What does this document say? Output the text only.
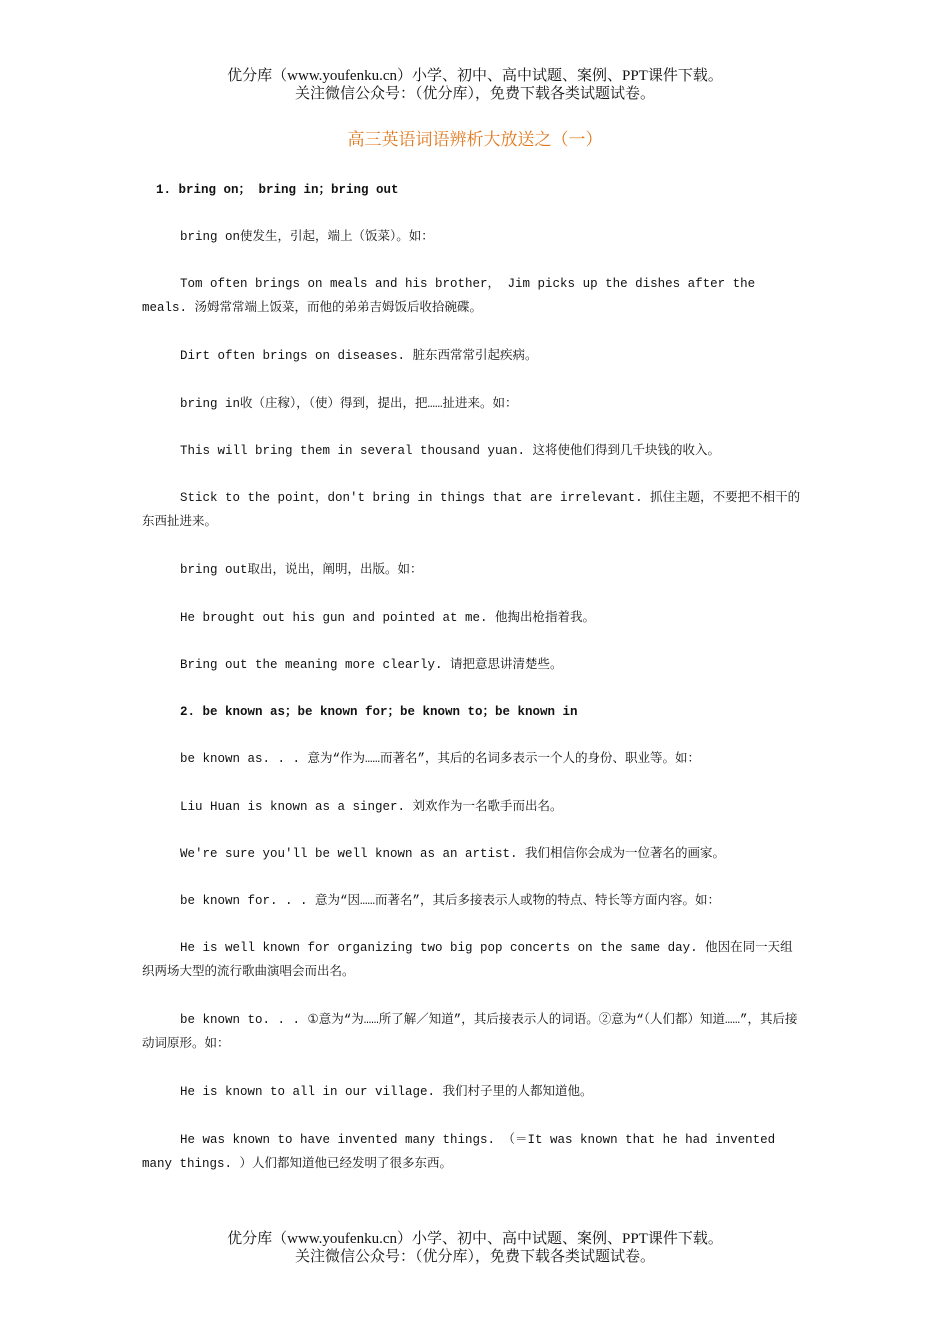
优分库（www.youfenku.cn）小学、初中、高中试题、案例、PPT课件下载。
关注微信公众号：（优分库），免费下载各类试题试卷。
高三英语词语辨析大放送之（一）
1. bring on； bring in；bring out
bring on使发生，引起，端上（饭菜）。如：
Tom often brings on meals and his brother， Jim picks up the dishes after the meals. 汤姆常常端上饭菜，而他的弟弟吉姆饭后收拾碗碟。
Dirt often brings on diseases. 脏东西常常引起疾病。
bring in收（庄稼），（使）得到，提出，把……扯进来。如：
This will bring them in several thousand yuan. 这将使他们得到几千块钱的收入。
Stick to the point，don't bring in things that are irrelevant. 抓住主题，不要把不相干的东西扯进来。
bring out取出，说出，阐明，出版。如：
He brought out his gun and pointed at me. 他掏出枪指着我。
Bring out the meaning more clearly. 请把意思讲清楚些。
2. be known as；be known for；be known to；be known in
be known as. . . 意为“作为……而著名”，其后的名词多表示一个人的身份、职业等。如：
Liu Huan is known as a singer. 刘欢作为一名歌手而出名。
We're sure you'll be well known as an artist. 我们相信你会成为一位著名的画家。
be known for. . . 意为“因……而著名”，其后多接表示人或物的特点、特长等方面内容。如：
He is well known for organizing two big pop concerts on the same day. 他因在同一天组织两场大型的流行歌曲演唱会而出名。
be known to. . . ①意为“为……所了解／知道”，其后接表示人的词语。②意为“（人们都）知道……”，其后接动词原形。如：
He is known to all in our village. 我们村子里的人都知道他。
He was known to have invented many things. （＝It was known that he had invented many things. ）人们都知道他已经发明了很多东西。
优分库（www.youfenku.cn）小学、初中、高中试题、案例、PPT课件下载。
关注微信公众号：（优分库），免费下载各类试题试卷。
